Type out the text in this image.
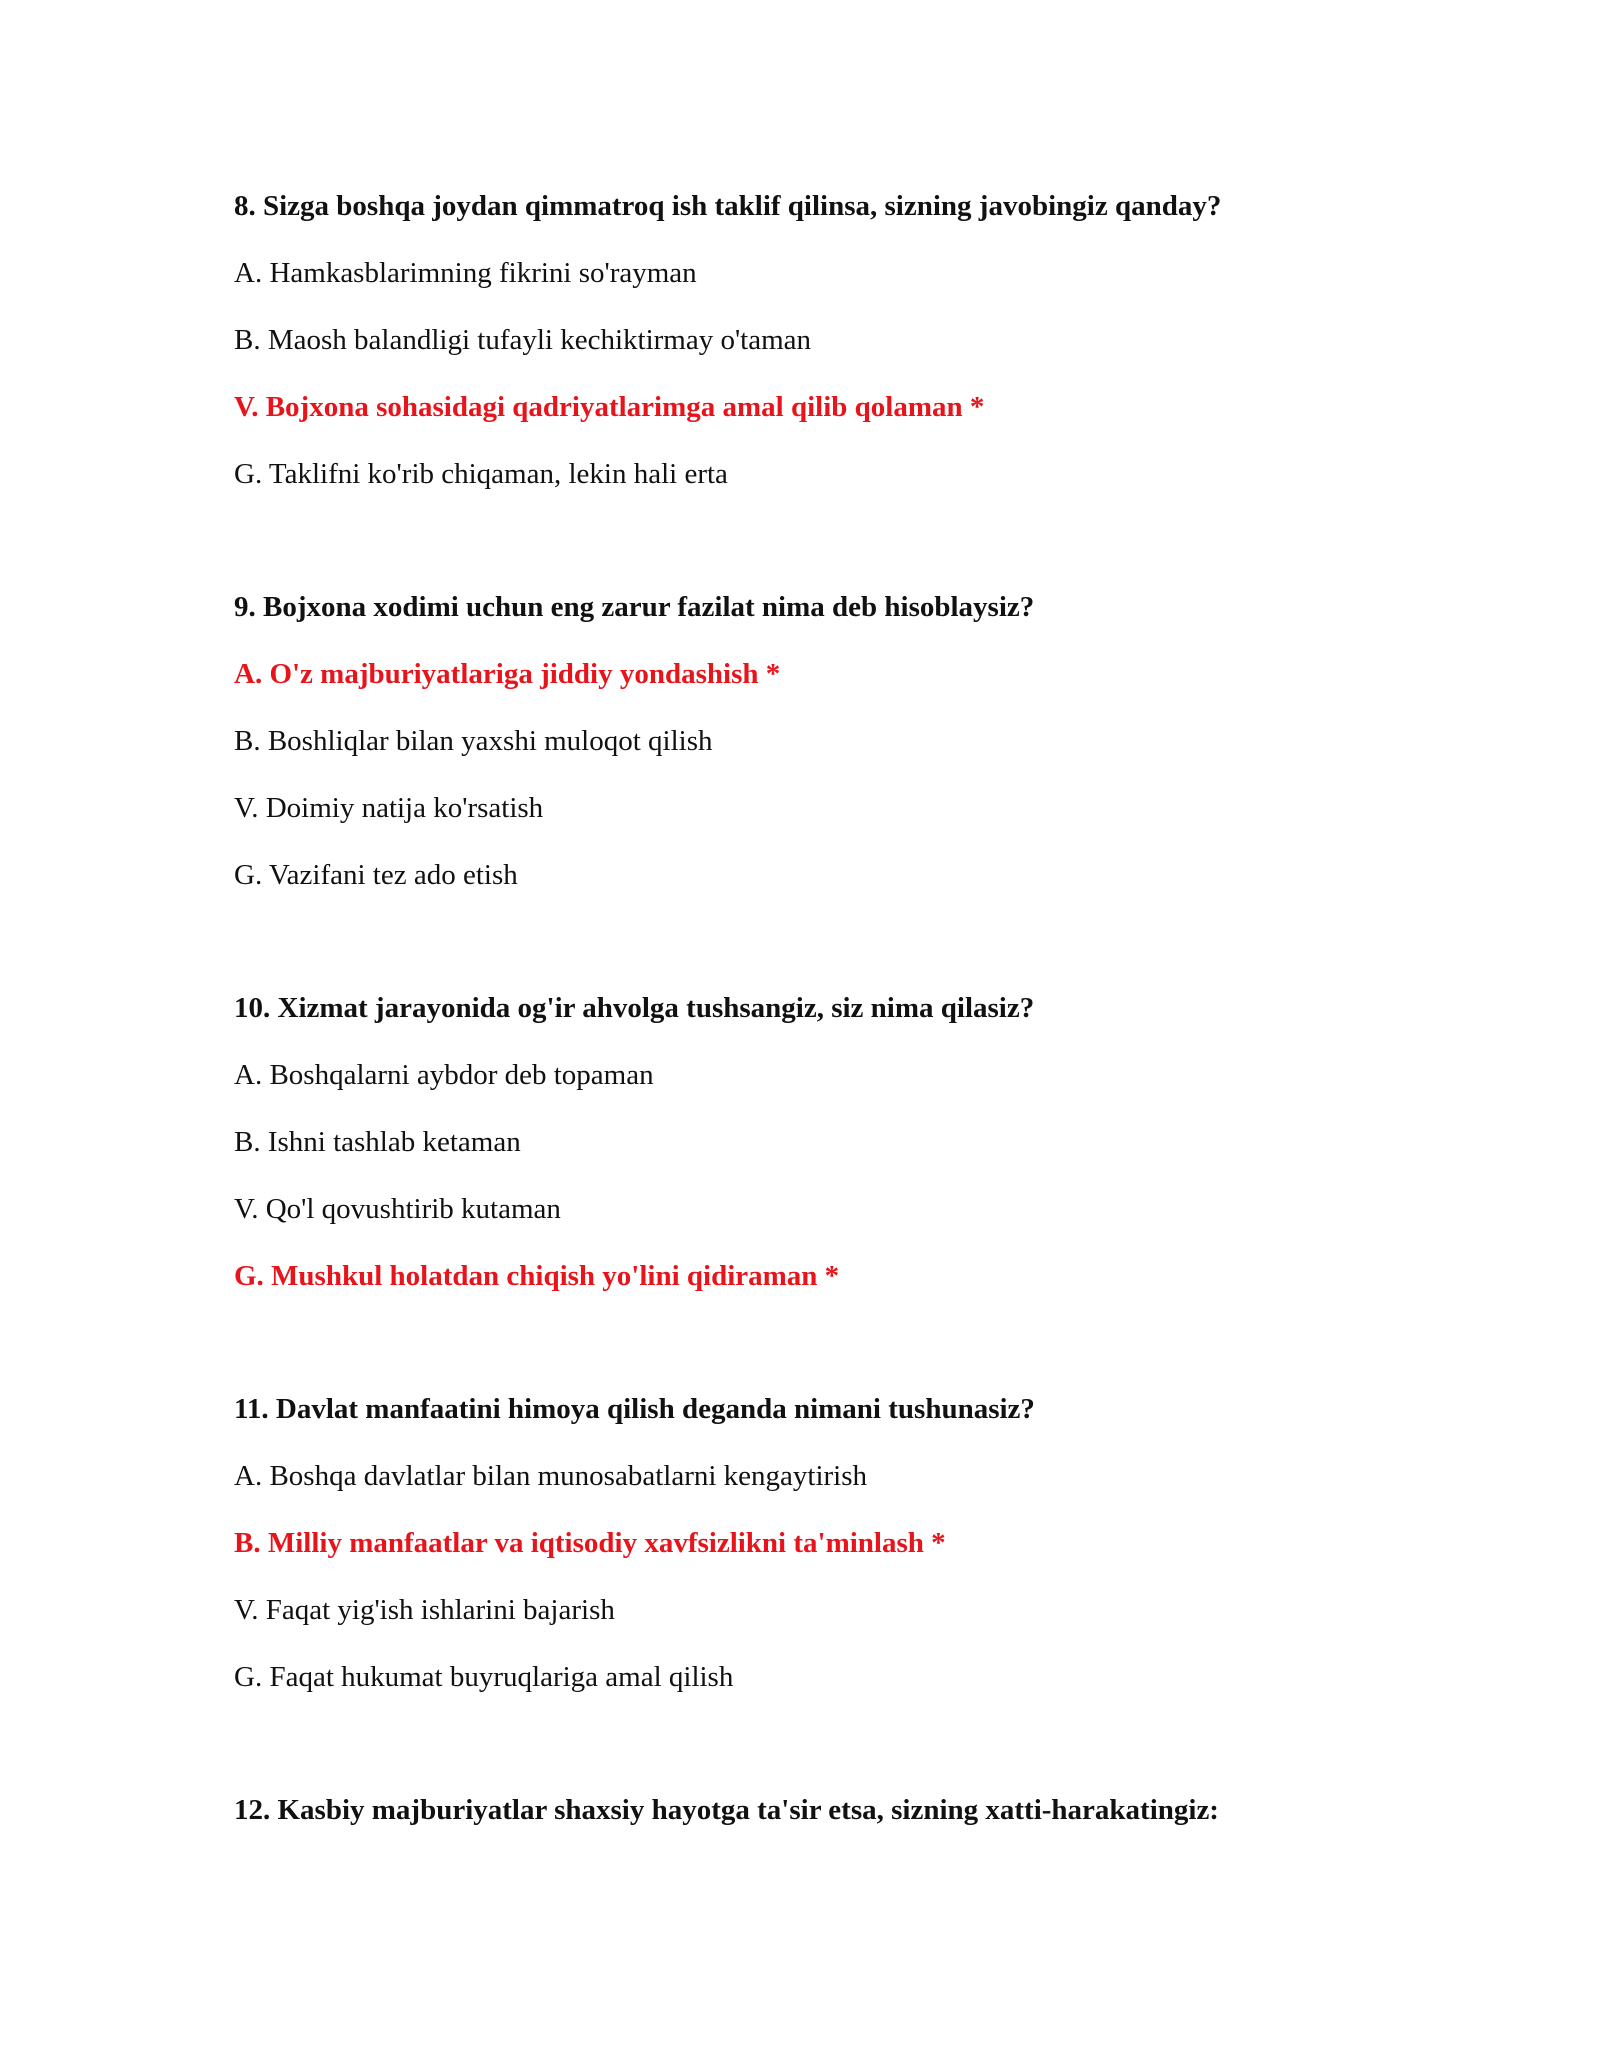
8. Sizga boshqa joydan qimmatroq ish taklif qilinsa, sizning javobingiz qanday?
A. Hamkasblarimning fikrini so'rayman
B. Maosh balandligi tufayli kechiktirmay o'taman
V. Bojxona sohasidagi qadriyatlarimga amal qilib qolaman *
G. Taklifni ko'rib chiqaman, lekin hali erta
9. Bojxona xodimi uchun eng zarur fazilat nima deb hisoblaysiz?
A. O'z majburiyatlariga jiddiy yondashish *
B. Boshliqlar bilan yaxshi muloqot qilish
V. Doimiy natija ko'rsatish
G. Vazifani tez ado etish
10. Xizmat jarayonida og'ir ahvolga tushsangiz, siz nima qilasiz?
A. Boshqalarni aybdor deb topaman
B. Ishni tashlab ketaman
V. Qo'l qovushtirib kutaman
G. Mushkul holatdan chiqish yo'lini qidiraman *
11. Davlat manfaatini himoya qilish deganda nimani tushunasiz?
A. Boshqa davlatlar bilan munosabatlarni kengaytirish
B. Milliy manfaatlar va iqtisodiy xavfsizlikni ta'minlash *
V. Faqat yig'ish ishlarini bajarish
G. Faqat hukumat buyruqlariga amal qilish
12. Kasbiy majburiyatlar shaxsiy hayotga ta'sir etsa, sizning xatti-harakatingiz:
